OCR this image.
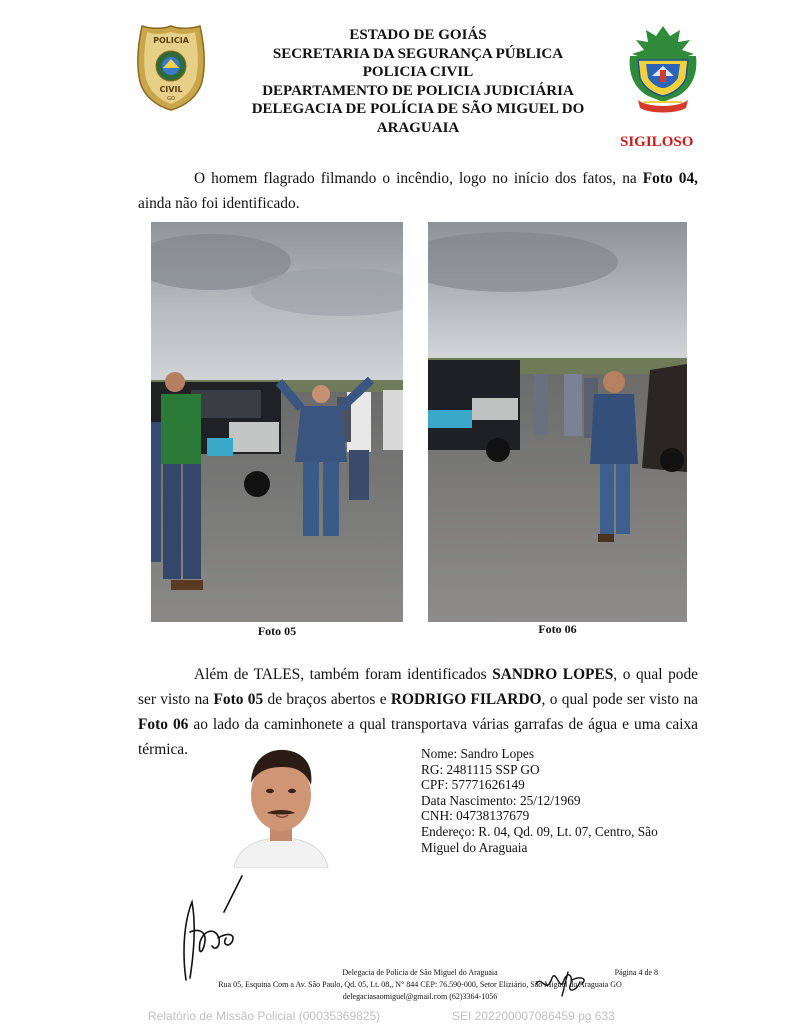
POLICIA
CIVIL
GO
ESTADO DE GOIÁS
SECRETARIA DA SEGURANÇA PÚBLICA
POLICIA CIVIL
DEPARTAMENTO DE POLICIA JUDICIÁRIA
DELEGACIA DE POLÍCIA DE SÃO MIGUEL DO
ARAGUAIA
SIGILOSO
O homem flagrado filmando o incêndio, logo no início dos fatos, na Foto 04, ainda não foi identificado.
Foto 05	Foto 06
Além de TALES, também foram identificados SANDRO LOPES, o qual pode ser visto na Foto 05 de braços abertos e RODRIGO FILARDO, o qual pode ser visto na Foto 06 ao lado da caminhonete a qual transportava várias garrafas de água e uma caixa térmica.	Nome: Sandro Lopes
RG: 2481115 SSP GO
CPF: 57771626149
Data Nascimento: 25/12/1969
CNH: 04738137679
Endereço: R. 04, Qd. 09, Lt. 07, Centro, São Miguel do Araguaia
Delegacia de Polícia de São Miguel do Araguaia	Página 4 de 8
Rua 05, Esquina Com a Av. São Paulo, Qd. 05, Lt. 08,, N° 844 CEP: 76.590-000, Setor Eliziário, São Miguel do Araguaia GO
delegaciasaomiguel@gmail.com (62)3364-1056
Relatório de Missão Policial (00035369825)	SEI 202200007086459 pg 633
